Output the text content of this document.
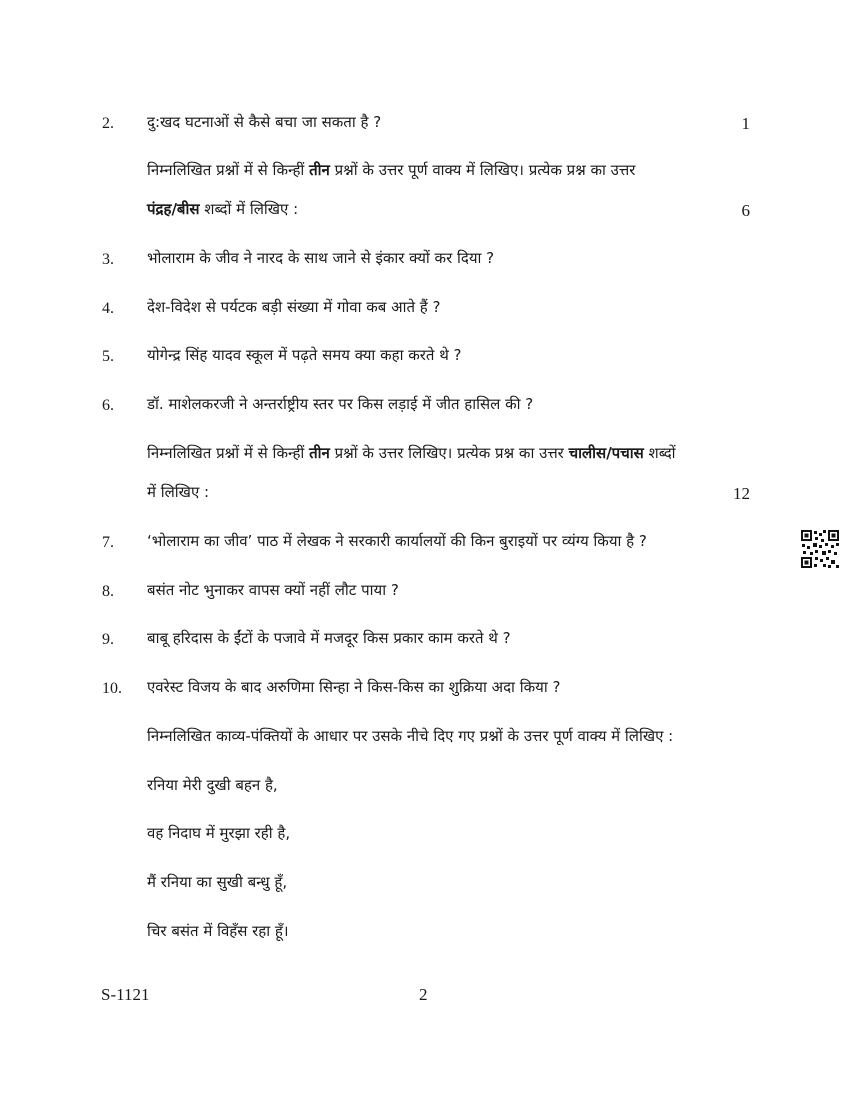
2. दु:खद घटनाओं से कैसे बचा जा सकता है ?	1
निम्नलिखित प्रश्नों में से किन्हीं तीन प्रश्नों के उत्तर पूर्ण वाक्य में लिखिए। प्रत्येक प्रश्न का उत्तर
पंद्रह/बीस शब्दों में लिखिए :	6
3. भोलाराम के जीव ने नारद के साथ जाने से इंकार क्यों कर दिया ?
4. देश-विदेश से पर्यटक बड़ी संख्या में गोवा कब आते हैं ?
5. योगेन्द्र सिंह यादव स्कूल में पढ़ते समय क्या कहा करते थे ?
6. डॉ. माशेलकरजी ने अन्तर्राष्ट्रीय स्तर पर किस लड़ाई में जीत हासिल की ?
निम्नलिखित प्रश्नों में से किन्हीं तीन प्रश्नों के उत्तर लिखिए। प्रत्येक प्रश्न का उत्तर चालीस/पचास शब्दों
में लिखिए :	12
7. ‘भोलाराम का जीव’ पाठ में लेखक ने सरकारी कार्यालयों की किन बुराइयों पर व्यंग्य किया है ?
8. बसंत नोट भुनाकर वापस क्यों नहीं लौट पाया ?
9. बाबू हरिदास के ईंटों के पजावे में मजदूर किस प्रकार काम करते थे ?
10. एवरेस्ट विजय के बाद अरुणिमा सिन्हा ने किस-किस का शुक्रिया अदा किया ?
निम्नलिखित काव्य-पंक्तियों के आधार पर उसके नीचे दिए गए प्रश्नों के उत्तर पूर्ण वाक्य में लिखिए :
रनिया मेरी दुखी बहन है,
वह निदाघ में मुरझा रही है,
मैं रनिया का सुखी बन्धु हूँ,
चिर बसंत में विहँस रहा हूँ।
S-1121	2
